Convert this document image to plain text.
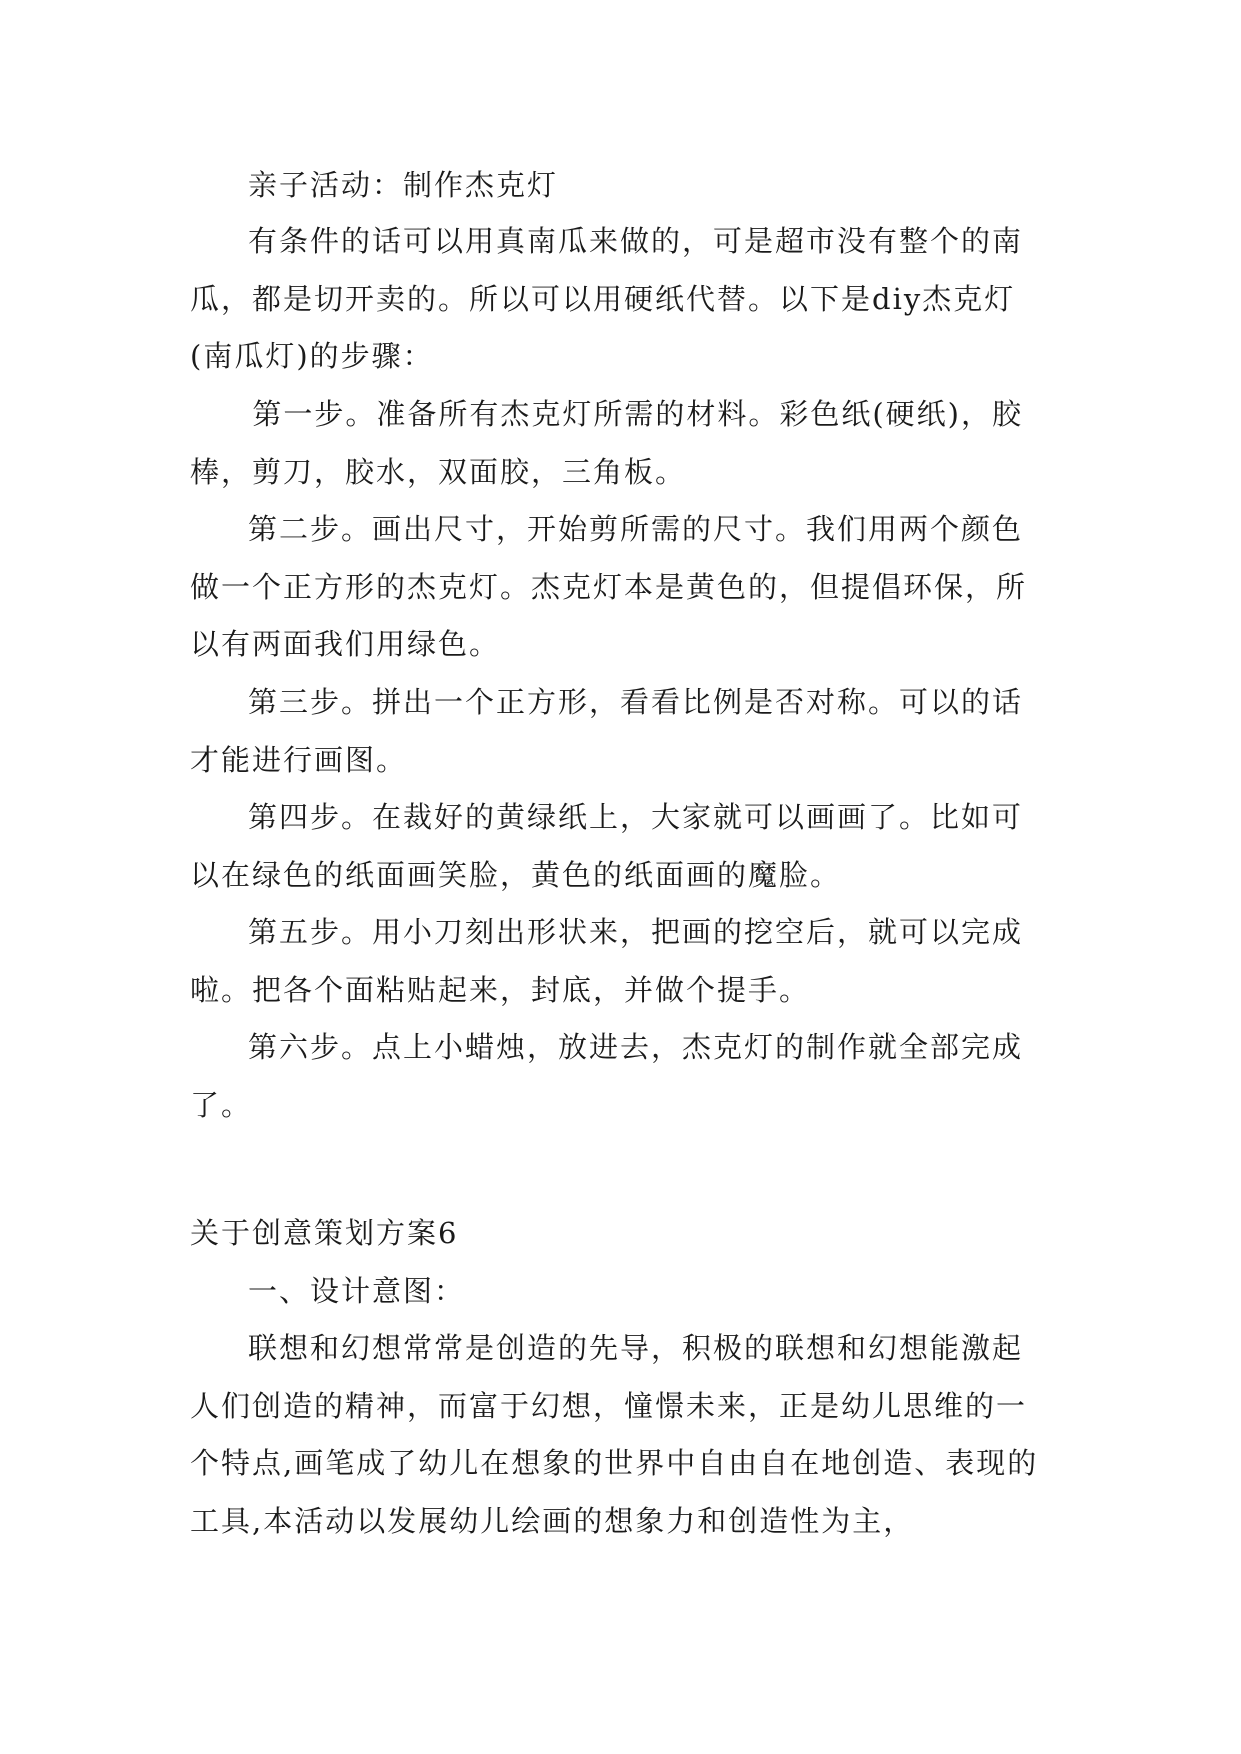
亲子活动：制作杰克灯

有条件的话可以用真南瓜来做的，可是超市没有整个的南瓜，都是切开卖的。所以可以用硬纸代替。以下是diy杰克灯(南瓜灯)的步骤：

第一步。准备所有杰克灯所需的材料。彩色纸(硬纸)，胶棒，剪刀，胶水，双面胶，三角板。

第二步。画出尺寸，开始剪所需的尺寸。我们用两个颜色做一个正方形的杰克灯。杰克灯本是黄色的，但提倡环保，所以有两面我们用绿色。

第三步。拼出一个正方形，看看比例是否对称。可以的话才能进行画图。

第四步。在裁好的黄绿纸上，大家就可以画画了。比如可以在绿色的纸面画笑脸，黄色的纸面画的魔脸。

第五步。用小刀刻出形状来，把画的挖空后，就可以完成啦。把各个面粘贴起来，封底，并做个提手。

第六步。点上小蜡烛，放进去，杰克灯的制作就全部完成了。

关于创意策划方案6

一、设计意图：

联想和幻想常常是创造的先导，积极的联想和幻想能激起人们创造的精神，而富于幻想，憧憬未来，正是幼儿思维的一个特点,画笔成了幼儿在想象的世界中自由自在地创造、表现的工具,本活动以发展幼儿绘画的想象力和创造性为主，
